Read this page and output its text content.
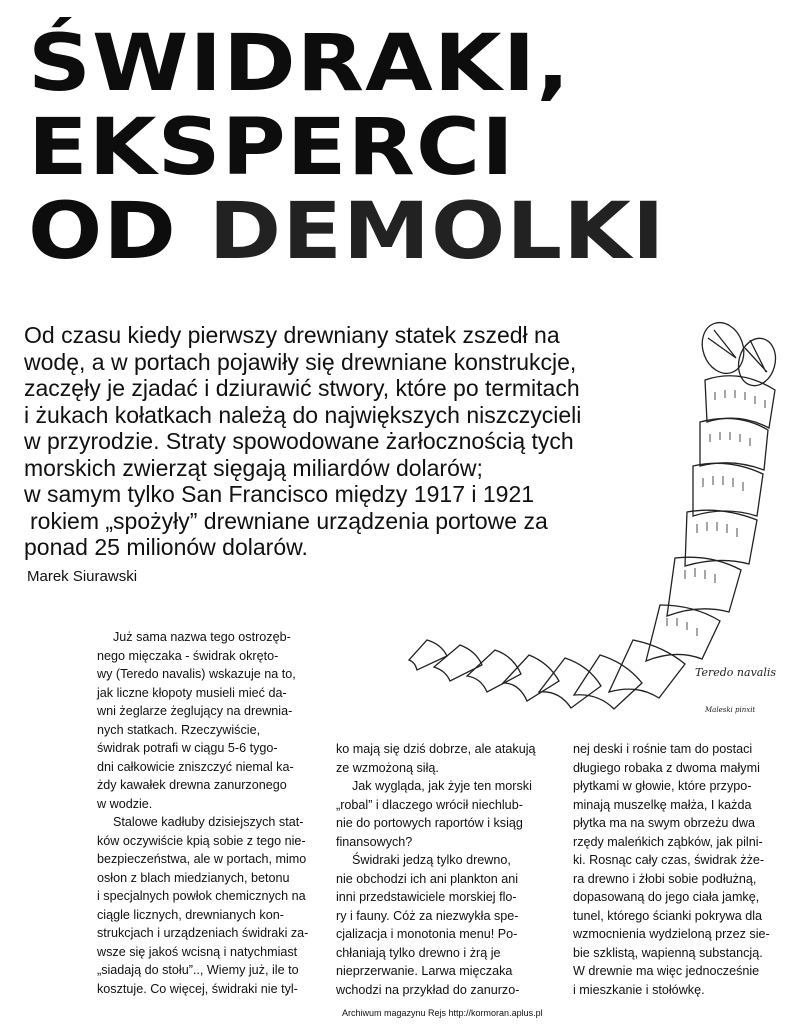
ŚWIDRAKI,
EKSPERCI
OD DEMOLKI

Od czasu kiedy pierwszy drewniany statek zszedł na

wodę, a w portach pojawiły się drewniane konstrukcje,

zaczęły je zjadać i dziurawić stwory, które po termitach

i żukach kołatkach należą do największych niszczycieli

w przyrodzie. Straty spowodowane żarłocznością tych

morskich zwierząt sięgają miliardów dolarów;

w samym tylko San Francisco między 1917 i 1921

rokiem „spożyły” drewniane urządzenia portowe za

ponad 25 milionów dolarów.

Marek Siurawski
Teredo navalis
Maleski pinxit

Już sama nazwa tego ostrozęb-

nego mięczaka - świdrak okręto-

wy (Teredo navalis) wskazuje na to,

jak liczne kłopoty musieli mieć da-

wni żeglarze żeglujący na drewnia-

nych statkach. Rzeczywiście,

świdrak potrafi w ciągu 5-6 tygo-

dni całkowicie zniszczyć niemal ka-

żdy kawałek drewna zanurzonego

w wodzie.

Stalowe kadłuby dzisiejszych stat-

ków oczywiście kpią sobie z tego nie-

bezpieczeństwa, ale w portach, mimo

osłon z blach miedzianych, betonu

i specjalnych powłok chemicznych na

ciągle licznych, drewnianych kon-

strukcjach i urządzeniach świdraki za-

wsze się jakoś wcisną i natychmiast

„siadają do stołu”.., Wiemy już, ile to

kosztuje. Co więcej, świdraki nie tyl-

ko mają się dziś dobrze, ale atakują

ze wzmożoną siłą.

Jak wygląda, jak żyje ten morski

„robal” i dlaczego wrócił niechlub-

nie do portowych raportów i ksiąg

finansowych?

Świdraki jedzą tylko drewno,

nie obchodzi ich ani plankton ani

inni przedstawiciele morskiej flo-

ry i fauny. Cóż za niezwykła spe-

cjalizacja i monotonia menu! Po-

chłaniają tylko drewno i żrą je

nieprzerwanie. Larwa mięczaka

wchodzi na przykład do zanurzo-

nej deski i rośnie tam do postaci

długiego robaka z dwoma małymi

płytkami w głowie, które przypo-

minają muszelkę małża, I każda

płytka ma na swym obrzeżu dwa

rzędy maleńkich ząbków, jak pilni-

ki. Rosnąc cały czas, świdrak żże-

ra drewno i żłobi sobie podłużną,

dopasowaną do jego ciała jamkę,

tunel, którego ścianki pokrywa dla

wzmocnienia wydzieloną przez sie-

bie szklistą, wapienną substancją.

W drewnie ma więc jednocześnie

i mieszkanie i stołówkę.

Archiwum magazynu Rejs http://kormoran.aplus.pl
